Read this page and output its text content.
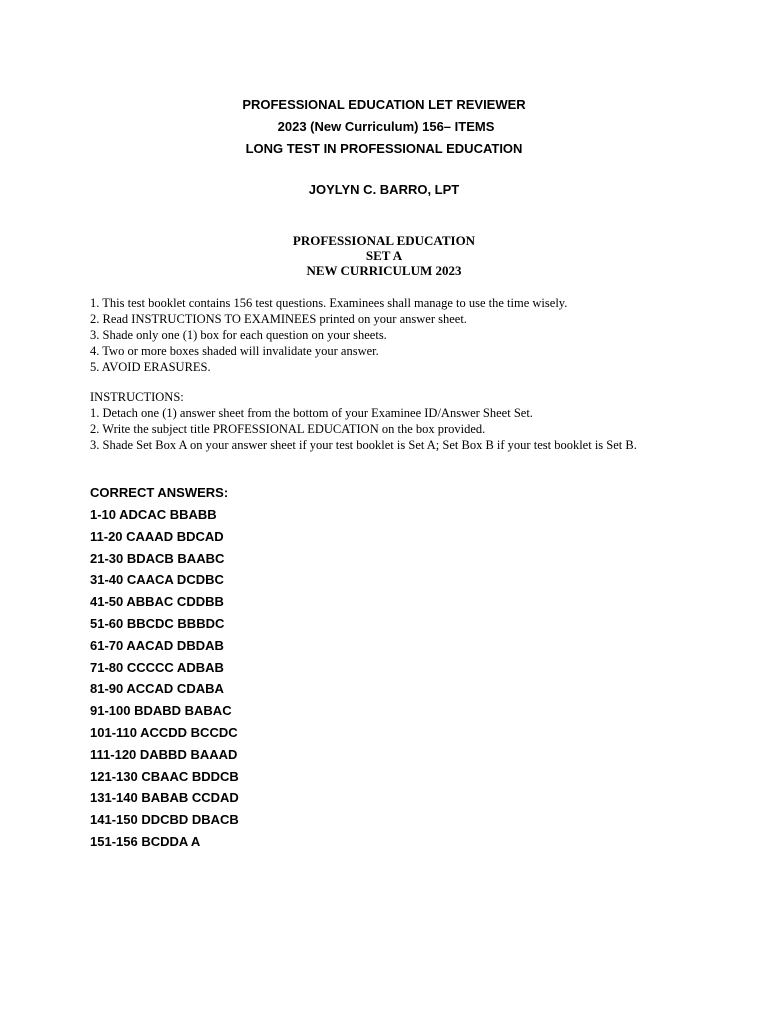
PROFESSIONAL EDUCATION LET REVIEWER
2023 (New Curriculum) 156– ITEMS
LONG TEST IN PROFESSIONAL EDUCATION
JOYLYN C. BARRO, LPT
PROFESSIONAL EDUCATION
SET A
NEW CURRICULUM 2023
1. This test booklet contains 156 test questions. Examinees shall manage to use the time wisely.
2. Read INSTRUCTIONS TO EXAMINEES printed on your answer sheet.
3. Shade only one (1) box for each question on your sheets.
4. Two or more boxes shaded will invalidate your answer.
5. AVOID ERASURES.
INSTRUCTIONS:
1. Detach one (1) answer sheet from the bottom of your Examinee ID/Answer Sheet Set.
2. Write the subject title PROFESSIONAL EDUCATION on the box provided.
3. Shade Set Box A on your answer sheet if your test booklet is Set A; Set Box B if your test booklet is Set B.
CORRECT ANSWERS:
1-10 ADCAC BBABB
11-20 CAAAD BDCAD
21-30 BDACB BAABC
31-40 CAACA DCDBC
41-50 ABBAC CDDBB
51-60 BBCDC BBBDC
61-70 AACAD DBDAB
71-80 CCCCC ADBAB
81-90 ACCAD CDABA
91-100 BDABD BABAC
101-110 ACCDD BCCDC
111-120 DABBD BAAAD
121-130 CBAAC BDDCB
131-140 BABAB CCDAD
141-150 DDCBD DBACB
151-156 BCDDA A
